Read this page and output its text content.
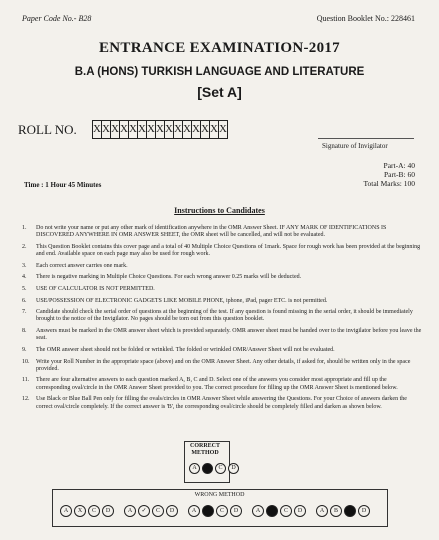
Paper Code No.- B28	Question Booklet No.: 228461
ENTRANCE EXAMINATION-2017
B.A (HONS) TURKISH LANGUAGE AND LITERATURE
[Set A]
ROLL NO. X X X X X X X X X X X X X X X
Signature of Invigilator
Part-A: 40
Part-B: 60
Total Marks: 100
Time : 1 Hour 45 Minutes
Instructions to Candidates
1.	Do not write your name or put any other mark of identification anywhere in the OMR Answer Sheet. IF ANY MARK OF IDENTIFICATIONS IS DISCOVERED ANYWHERE IN OMR ANSWER SHEET, the OMR sheet will be cancelled, and will not be evaluated.
2.	This Question Booklet contains this cover page and a total of 40 Multiple Choice Questions of 1mark. Space for rough work has been provided at the beginning and end. Available space on each page may also be used for rough work.
3.	Each correct answer carries one mark.
4.	There is negative marking in Multiple Choice Questions. For each wrong answer 0.25 marks will be deducted.
5.	USE OF CALCULATOR IS NOT PERMITTED.
6.	USE/POSSESSION OF ELECTRONIC GADGETS LIKE MOBILE PHONE, iphone, iPad, pager ETC. is not permitted.
7.	Candidate should check the serial order of questions at the beginning of the test. If any question is found missing in the serial order, it should be immediately brought to the notice of the Invigilator. No pages should be torn out from this question booklet.
8.	Answers must be marked in the OMR answer sheet which is provided separately. OMR answer sheet must be handed over to the invigilator before you leave the seat.
9.	The OMR answer sheet should not be folded or wrinkled. The folded or wrinkled OMR/Answer Sheet will not be evaluated.
10.	Write your Roll Number in the appropriate space (above) and on the OMR Answer Sheet. Any other details, if asked for, should be written only in the space provided.
11.	There are four alternative answers to each question marked A, B, C and D. Select one of the answers you consider most appropriate and fill up the corresponding oval/circle in the OMR Answer Sheet provided to you. The correct procedure for filling up the OMR Answer Sheet is mentioned below.
12.	Use Black or Blue Ball Pen only for filling the ovals/circles in OMR Answer Sheet while answering the Questions. For your Choice of answers darken the correct oval/circle completely. If the correct answer is 'B', the corresponding oval/circle should be completely filled and darken as shown below.
CORRECT METHOD
A	B	C	D
WRONG METHOD
A	X	C	D	A	✓	C	D	A	C	D	A	C	D	A	B	D
